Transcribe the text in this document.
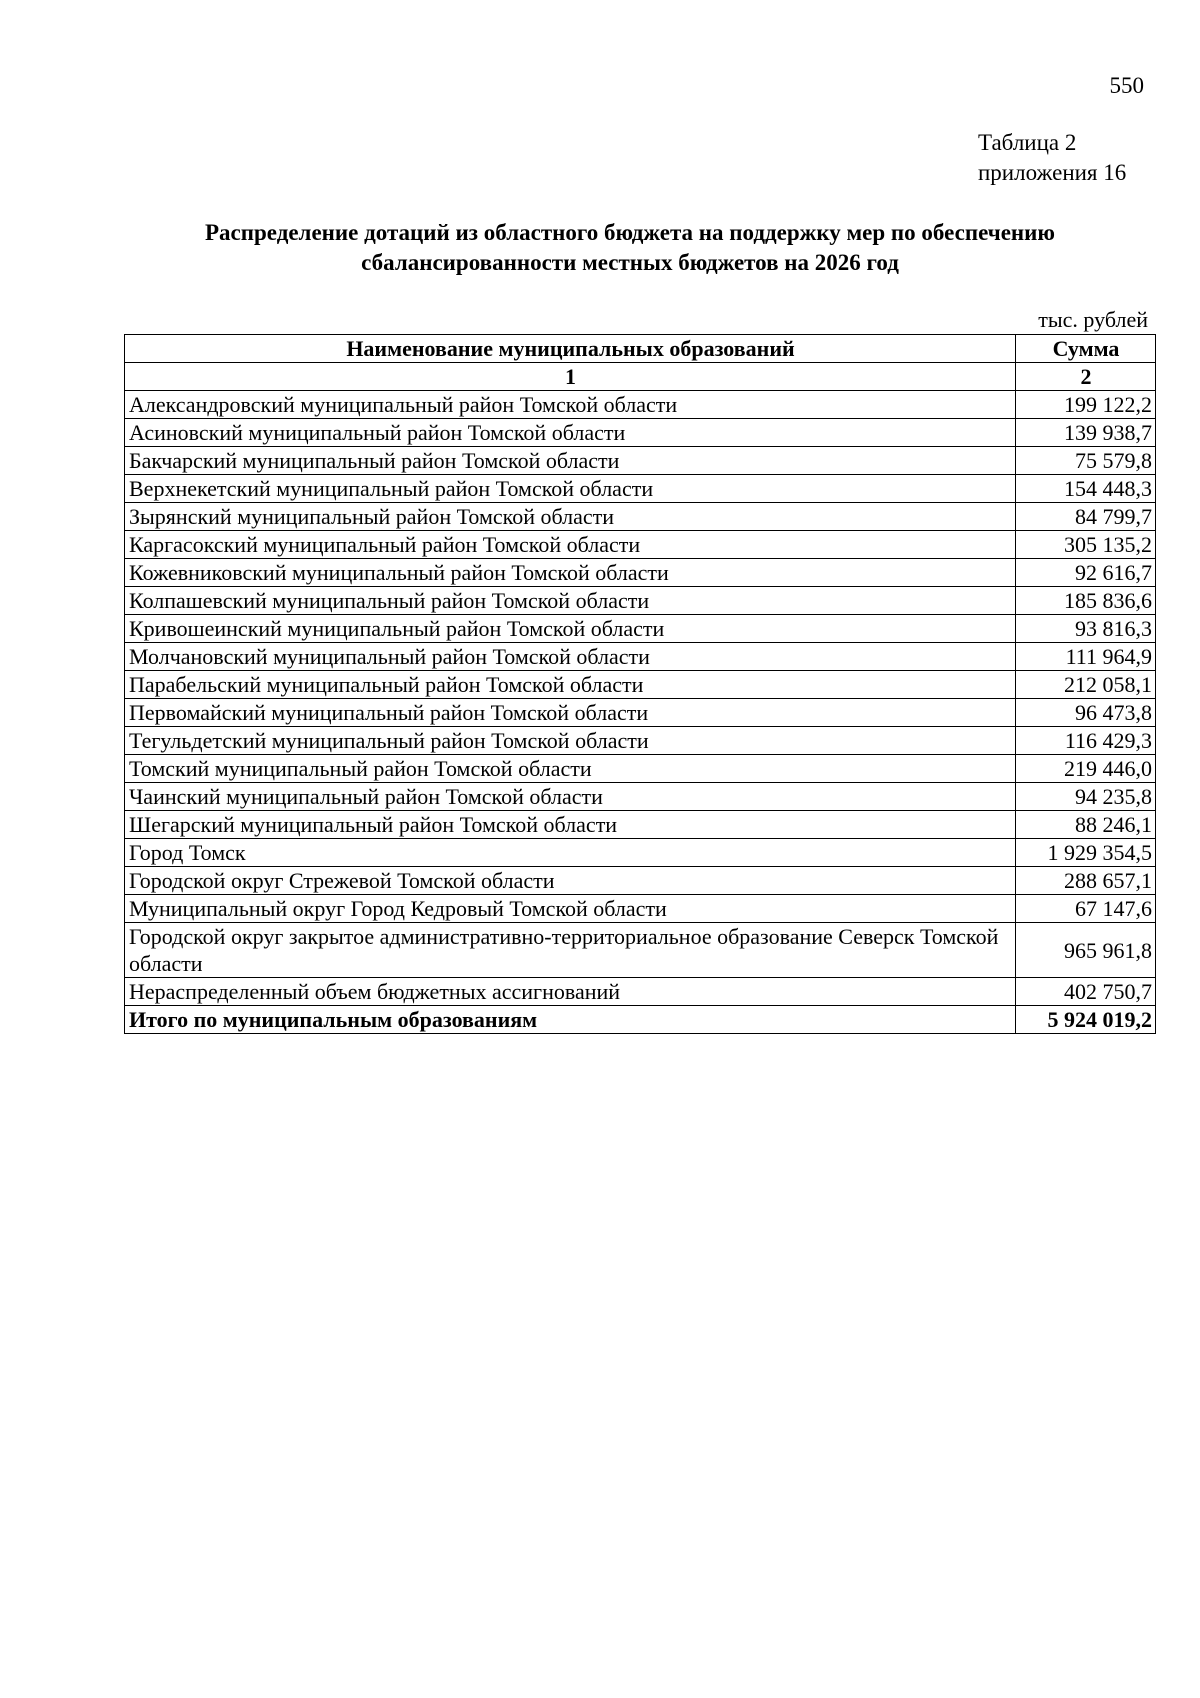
550
Таблица 2
приложения 16
Распределение дотаций из областного бюджета на поддержку мер по обеспечению
сбалансированности местных бюджетов на 2026 год
тыс. рублей
Наименование муниципальных образований	Сумма
1	2
Александровский муниципальный район Томской области	199 122,2
Асиновский муниципальный район Томской области	139 938,7
Бакчарский муниципальный район Томской области	75 579,8
Верхнекетский муниципальный район Томской области	154 448,3
Зырянский муниципальный район Томской области	84 799,7
Каргасокский муниципальный район Томской области	305 135,2
Кожевниковский муниципальный район Томской области	92 616,7
Колпашевский муниципальный район Томской области	185 836,6
Кривошеинский муниципальный район Томской области	93 816,3
Молчановский муниципальный район Томской области	111 964,9
Парабельский муниципальный район Томской области	212 058,1
Первомайский муниципальный район Томской области	96 473,8
Тегульдетский муниципальный район Томской области	116 429,3
Томский муниципальный район Томской области	219 446,0
Чаинский муниципальный район Томской области	94 235,8
Шегарский муниципальный район Томской области	88 246,1
Город Томск	1 929 354,5
Городской округ Стрежевой Томской области	288 657,1
Муниципальный округ Город Кедровый Томской области	67 147,6
Городской округ закрытое административно-территориальное образование Северск Томской области	965 961,8
Нераспределенный объем бюджетных ассигнований	402 750,7
Итого по муниципальным образованиям	5 924 019,2
